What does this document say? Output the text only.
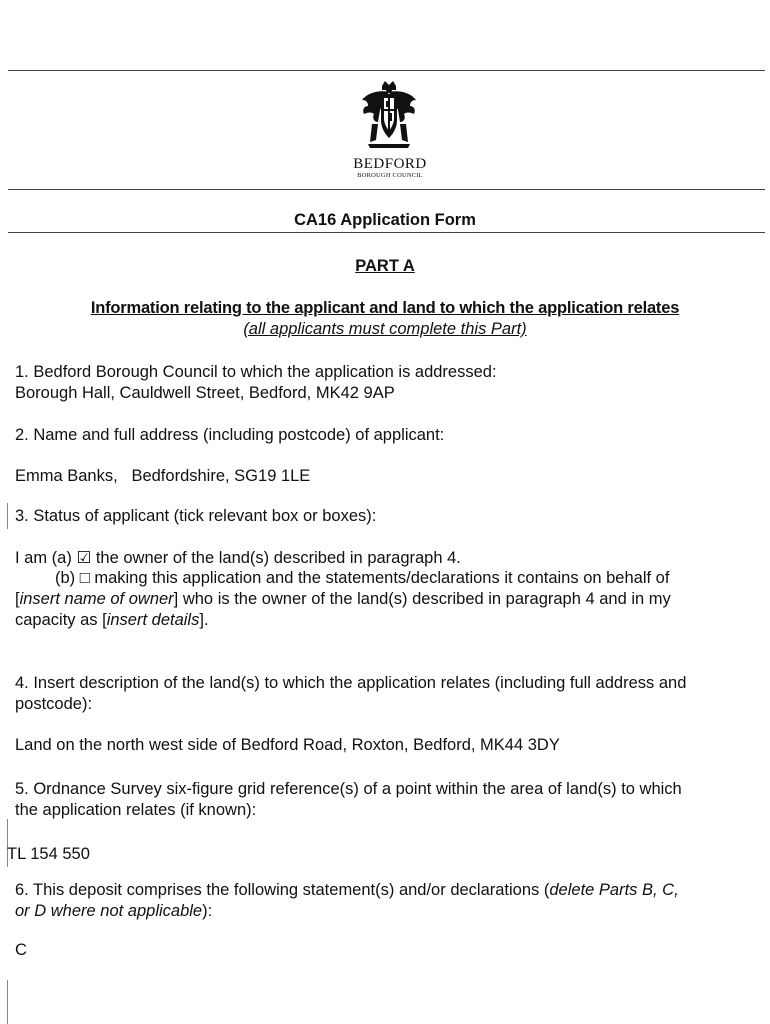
BEDFORD
BOROUGH COUNCIL
CA16 Application Form
PART A
Information relating to the applicant and land to which the application relates
(all applicants must complete this Part)
1. Bedford Borough Council to which the application is addressed:
Borough Hall, Cauldwell Street, Bedford, MK42 9AP
2. Name and full address (including postcode) of applicant:
Emma Banks,   Bedfordshire, SG19 1LE
3. Status of applicant (tick relevant box or boxes):
I am (a) ☑ the owner of the land(s) described in paragraph 4.
(b) □ making this application and the statements/declarations it contains on behalf of
[insert name of owner] who is the owner of the land(s) described in paragraph 4 and in my
capacity as [insert details].
4. Insert description of the land(s) to which the application relates (including full address and
postcode):
Land on the north west side of Bedford Road, Roxton, Bedford, MK44 3DY
5. Ordnance Survey six-figure grid reference(s) of a point within the area of land(s) to which
the application relates (if known):
TL 154 550
6. This deposit comprises the following statement(s) and/or declarations (delete Parts B, C,
or D where not applicable):
C
